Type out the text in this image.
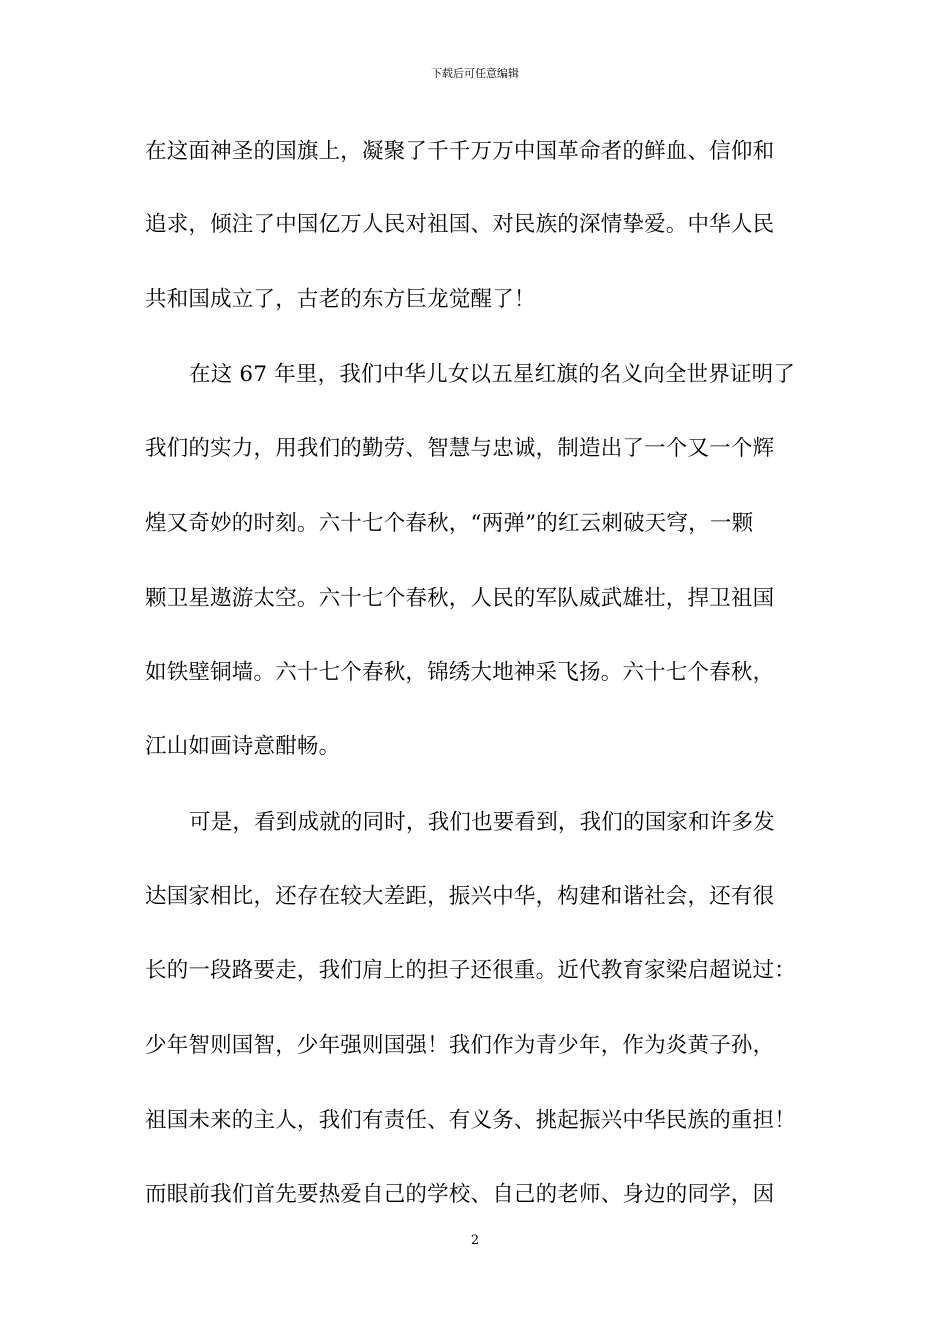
下载后可任意编辑
在这面神圣的国旗上，凝聚了千千万万中国革命者的鲜血、信仰和
追求，倾注了中国亿万人民对祖国、对民族的深情挚爱。中华人民
共和国成立了，古老的东方巨龙觉醒了！
在这 67 年里，我们中华儿女以五星红旗的名义向全世界证明了
我们的实力，用我们的勤劳、智慧与忠诚，制造出了一个又一个辉
煌又奇妙的时刻。六十七个春秋，“两弹”的红云刺破天穹，一颗
颗卫星遨游太空。六十七个春秋，人民的军队威武雄壮，捍卫祖国
如铁壁铜墙。六十七个春秋，锦绣大地神采飞扬。六十七个春秋，
江山如画诗意酣畅。
可是，看到成就的同时，我们也要看到，我们的国家和许多发
达国家相比，还存在较大差距，振兴中华，构建和谐社会，还有很
长的一段路要走，我们肩上的担子还很重。近代教育家梁启超说过：
少年智则国智，少年强则国强！我们作为青少年，作为炎黄子孙，
祖国未来的主人，我们有责任、有义务、挑起振兴中华民族的重担！
而眼前我们首先要热爱自己的学校、自己的老师、身边的同学，因
2
